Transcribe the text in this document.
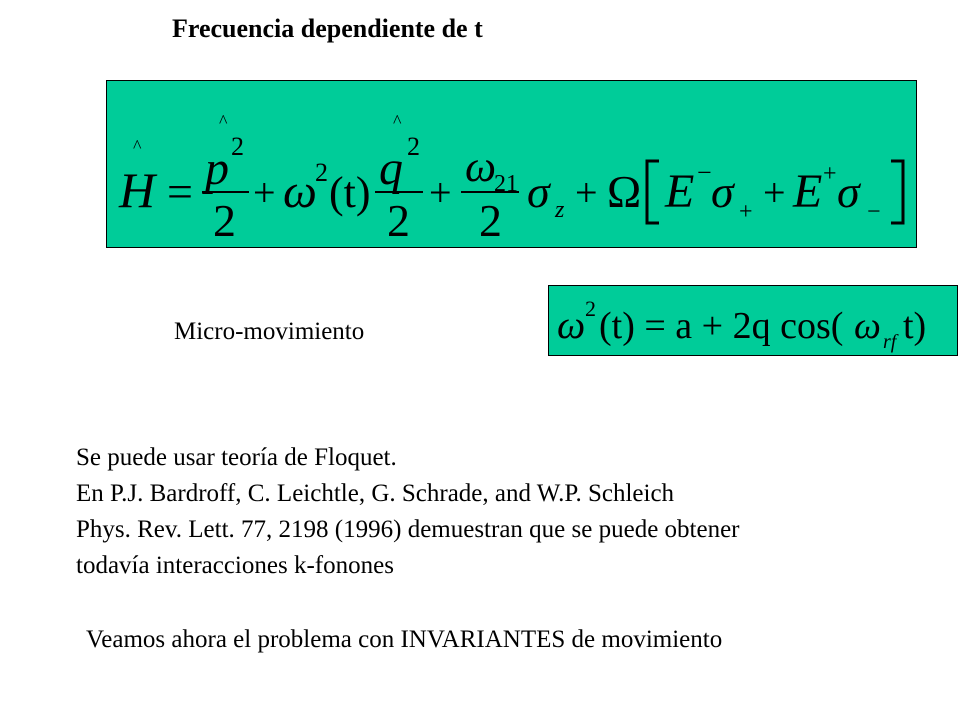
Frecuencia dependiente de t
^
H =
^
p 2
2
+ ω
2 (t)
^
q 2
2
+
ω
21
2
σ z + Ω E − σ + + E + σ −
Micro-movimiento	ω 2 (t) = a + 2q cos( ω rf t)
Se puede usar teoría de Floquet.
En P.J. Bardroff, C. Leichtle, G. Schrade, and W.P. Schleich
Phys. Rev. Lett. 77, 2198 (1996) demuestran que se puede obtener
todavía interacciones k-fonones
Veamos ahora el problema con INVARIANTES de movimiento
